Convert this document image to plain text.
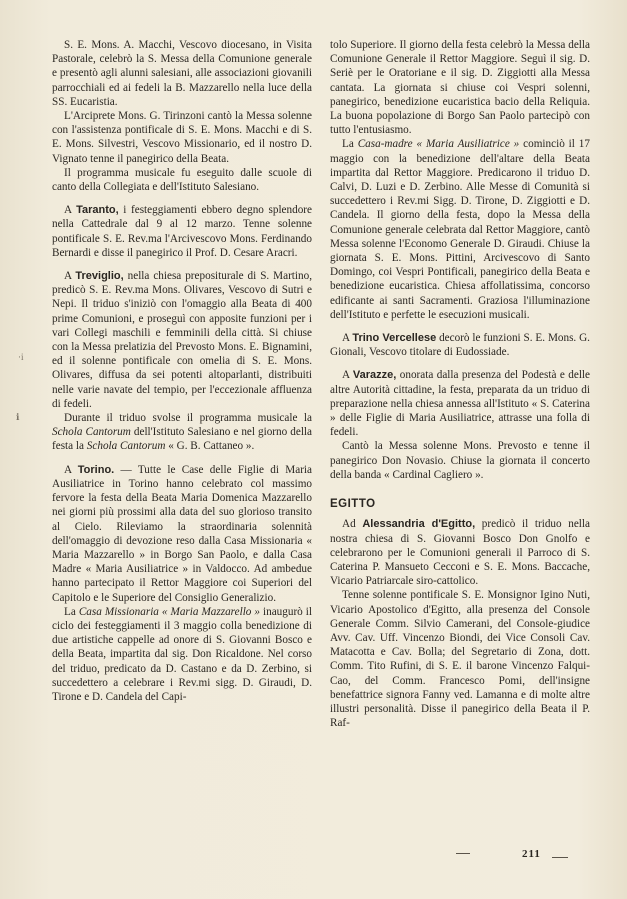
·i
ℹ

S. E. Mons. A. Macchi, Vescovo diocesano, in Visita Pastorale, celebrò la S. Messa della Comunione generale e presentò agli alunni salesiani, alle associazioni giovanili parrocchiali ed ai fedeli la B. Mazzarello nella luce della SS. Eucaristia.

L'Arciprete Mons. G. Tirinzoni cantò la Messa solenne con l'assistenza pontificale di S. E. Mons. Macchi e di S. E. Mons. Silvestri, Vescovo Missionario, ed il nostro D. Vignato tenne il panegirico della Beata.

Il programma musicale fu eseguito dalle scuole di canto della Collegiata e dell'Istituto Salesiano.

A Taranto, i festeggiamenti ebbero degno splendore nella Cattedrale dal 9 al 12 marzo. Tenne solenne pontificale S. E. Rev.ma l'Arcivescovo Mons. Ferdinando Bernardi e disse il panegirico il Prof. D. Cesare Aracri.

A Treviglio, nella chiesa prepositurale di S. Martino, predicò S. E. Rev.ma Mons. Olivares, Vescovo di Sutri e Nepi. Il triduo s'iniziò con l'omaggio alla Beata di 400 prime Comunioni, e proseguì con apposite funzioni per i vari Collegi maschili e femminili della città. Si chiuse con la Messa prelatizia del Prevosto Mons. E. Bignamini, ed il solenne pontificale con omelia di S. E. Mons. Olivares, diffusa da sei potenti altoparlanti, distribuiti nelle varie navate del tempio, per l'eccezionale affluenza di fedeli.

Durante il triduo svolse il programma musicale la Schola Cantorum dell'Istituto Salesiano e nel giorno della festa la Schola Cantorum « G. B. Cattaneo ».

A Torino. — Tutte le Case delle Figlie di Maria Ausiliatrice in Torino hanno celebrato col massimo fervore la festa della Beata Maria Domenica Mazzarello nei giorni più prossimi alla data del suo glorioso transito al Cielo. Rileviamo la straordinaria solennità dell'omaggio di devozione reso dalla Casa Missionaria « Maria Mazzarello » in Borgo San Paolo, e dalla Casa Madre « Maria Ausiliatrice » in Valdocco. Ad ambedue hanno partecipato il Rettor Maggiore coi Superiori del Capitolo e le Superiore del Consiglio Generalizio.

La Casa Missionaria « Maria Mazzarello » inaugurò il ciclo dei festeggiamenti il 3 maggio colla benedizione di due artistiche cappelle ad onore di S. Giovanni Bosco e della Beata, impartita dal sig. Don Ricaldone. Nel corso del triduo, predicato da D. Castano e da D. Zerbino, si succedettero a celebrare i Rev.mi sigg. D. Giraudi, D. Tirone e D. Candela del Capi-

tolo Superiore. Il giorno della festa celebrò la Messa della Comunione Generale il Rettor Maggiore. Seguì il sig. D. Seriè per le Oratoriane e il sig. D. Ziggiotti alla Messa cantata. La giornata si chiuse coi Vespri solenni, panegirico, benedizione eucaristica bacio della Reliquia. La buona popolazione di Borgo San Paolo partecipò con tutto l'entusiasmo.

La Casa-madre « Maria Ausiliatrice » cominciò il 17 maggio con la benedizione dell'altare della Beata impartita dal Rettor Maggiore. Predicarono il triduo D. Calvi, D. Luzi e D. Zerbino. Alle Messe di Comunità si succedettero i Rev.mi Sigg. D. Tirone, D. Ziggiotti e D. Candela. Il giorno della festa, dopo la Messa della Comunione generale celebrata dal Rettor Maggiore, cantò Messa solenne l'Economo Generale D. Giraudi. Chiuse la giornata S. E. Mons. Pittini, Arcivescovo di Santo Domingo, coi Vespri Pontificali, panegirico della Beata e benedizione eucaristica. Chiesa affollatissima, concorso edificante ai santi Sacramenti. Graziosa l'illuminazione dell'Istituto e perfette le esecuzioni musicali.

A Trino Vercellese decorò le funzioni S. E. Mons. G. Gionali, Vescovo titolare di Eudossiade.

A Varazze, onorata dalla presenza del Podestà e delle altre Autorità cittadine, la festa, preparata da un triduo di preparazione nella chiesa annessa all'Istituto « S. Caterina » delle Figlie di Maria Ausiliatrice, attrasse una folla di fedeli.

Cantò la Messa solenne Mons. Prevosto e tenne il panegirico Don Novasio. Chiuse la giornata il concerto della banda « Cardinal Cagliero ».

EGITTO

Ad Alessandria d'Egitto, predicò il triduo nella nostra chiesa di S. Giovanni Bosco Don Gnolfo e celebrarono per le Comunioni generali il Parroco di S. Caterina P. Mansueto Cecconi e S. E. Mons. Baccache, Vicario Patriarcale siro-cattolico.

Tenne solenne pontificale S. E. Monsignor Igino Nuti, Vicario Apostolico d'Egitto, alla presenza del Console Generale Comm. Silvio Camerani, del Console-giudice Avv. Cav. Uff. Vincenzo Biondi, dei Vice Consoli Cav. Matacotta e Cav. Bolla; del Segretario di Zona, dott. Comm. Tito Rufini, di S. E. il barone Vincenzo Falqui-Cao, del Comm. Francesco Pomi, dell'insigne benefattrice signora Fanny ved. Lamanna e di molte altre illustri personalità. Disse il panegirico della Beata il P. Raf-

211
